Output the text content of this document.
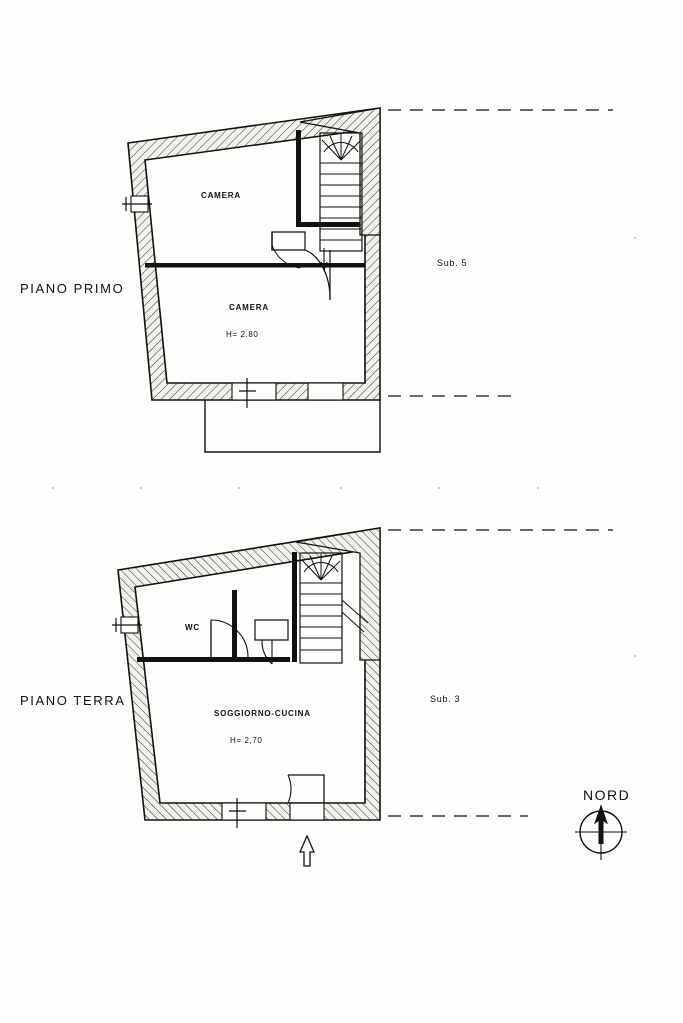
PIANO PRIMO
Sub. 5
CAMERA
CAMERA
H= 2.80
PIANO TERRA	Sub. 3
WC
SOGGIORNO-CUCINA
H= 2,70
NORD
